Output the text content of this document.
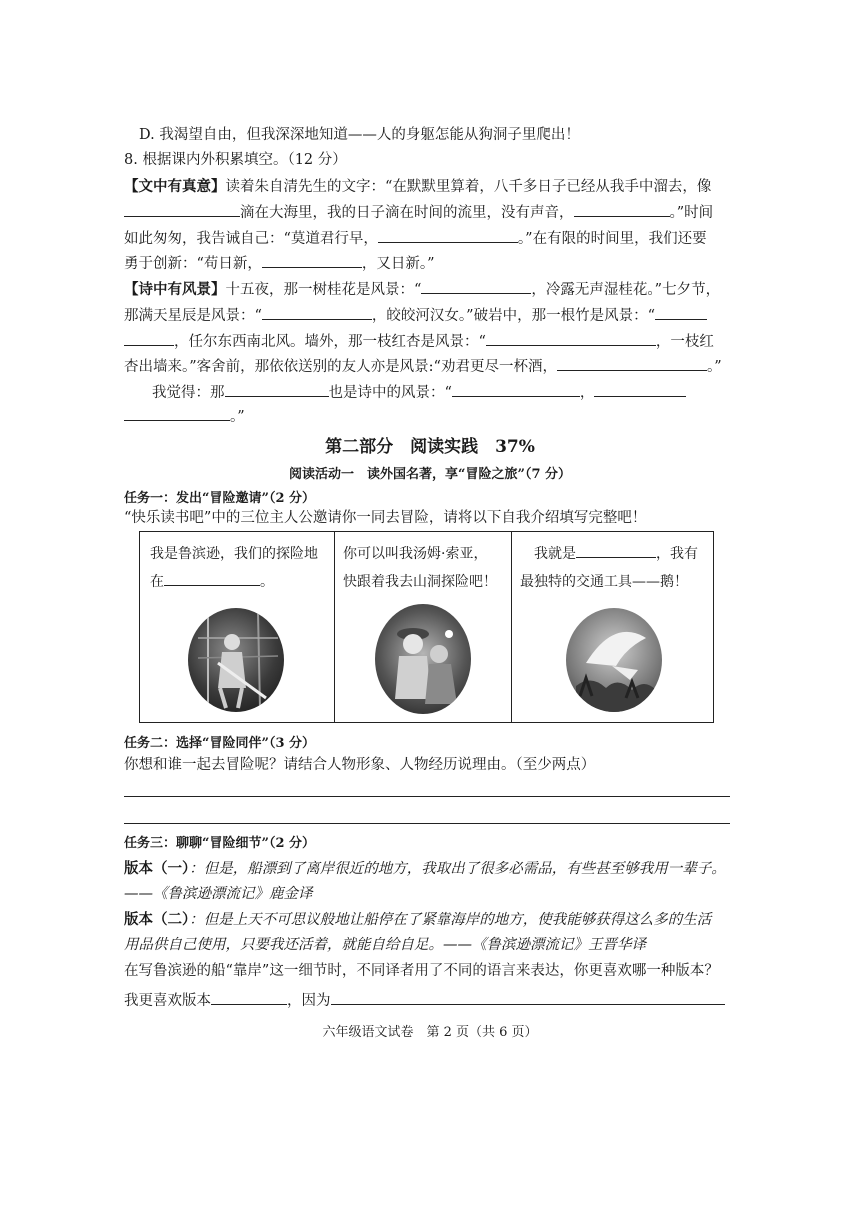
D. 我渴望自由，但我深深地知道——人的身躯怎能从狗洞子里爬出！
8. 根据课内外积累填空。（12 分）
【文中有真意】读着朱自清先生的文字：“在默默里算着，八千多日子已经从我手中溜去，像
滴在大海里，我的日子滴在时间的流里，没有声音，	。”时间
如此匆匆，我告诫自己：“莫道君行早，	。”在有限的时间里，我们还要
勇于创新：“苟日新，	，又日新。”
【诗中有风景】十五夜，那一树桂花是风景：“	，冷露无声湿桂花。”七夕节，
那满天星辰是风景：“	，皎皎河汉女。”破岩中，那一根竹是风景：“
，任尔东西南北风。墙外，那一枝红杏是风景：“	，一枝红
杏出墙来。”客舍前，那依依送别的友人亦是风景:“劝君更尽一杯酒，	。”
我觉得：那	也是诗中的风景：“	，
。”
第二部分　阅读实践　37%
阅读活动一　读外国名著，享“冒险之旅”（7 分）
任务一：发出“冒险邀请”（2 分）
“快乐读书吧”中的三位主人公邀请你一同去冒险，请将以下自我介绍填写完整吧！
我是鲁滨逊，我们的探险地
在	。
你可以叫我汤姆·索亚，
快跟着我去山洞探险吧！
我就是	，我有
最独特的交通工具——鹅！
任务二：选择“冒险同伴”（3 分）
你想和谁一起去冒险呢？请结合人物形象、人物经历说理由。（至少两点）
任务三：聊聊“冒险细节”（2 分）
版本（一）：但是，船漂到了离岸很近的地方，我取出了很多必需品，有些甚至够我用一辈子。
——《鲁滨逊漂流记》鹿金译
版本（二）：但是上天不可思议般地让船停在了紧靠海岸的地方，使我能够获得这么多的生活
用品供自己使用，只要我还活着，就能自给自足。——《鲁滨逊漂流记》王晋华译
在写鲁滨逊的船“靠岸”这一细节时，不同译者用了不同的语言来表达，你更喜欢哪一种版本？
我更喜欢版本	，因为
六年级语文试卷　第 2 页（共 6 页）
